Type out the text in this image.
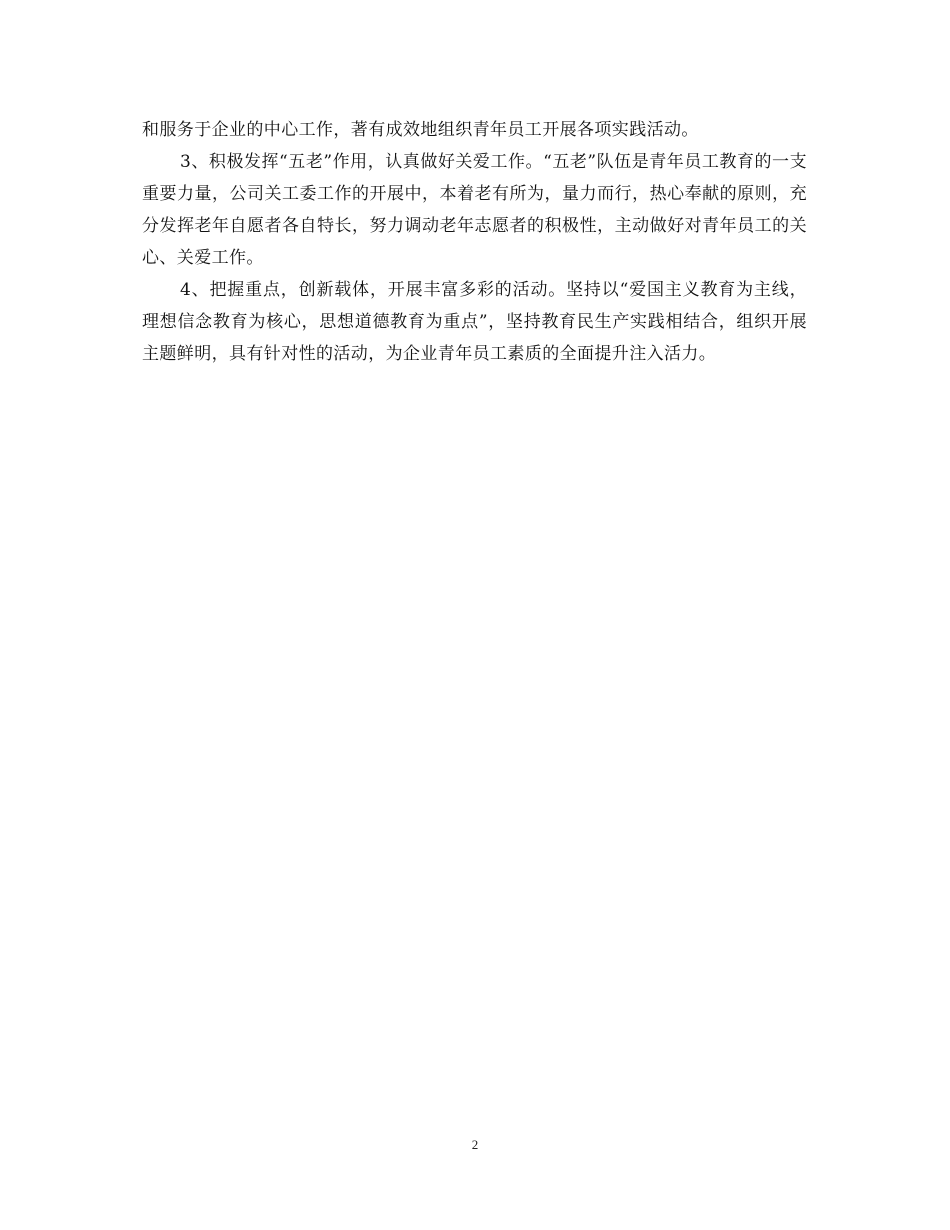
和服务于企业的中心工作，著有成效地组织青年员工开展各项实践活动。

3、积极发挥“五老”作用，认真做好关爱工作。“五老”队伍是青年员工教育的一支重要力量，公司关工委工作的开展中，本着老有所为，量力而行，热心奉献的原则，充分发挥老年自愿者各自特长，努力调动老年志愿者的积极性，主动做好对青年员工的关心、关爱工作。

4、把握重点，创新载体，开展丰富多彩的活动。坚持以“爱国主义教育为主线，理想信念教育为核心，思想道德教育为重点”，坚持教育民生产实践相结合，组织开展主题鲜明，具有针对性的活动，为企业青年员工素质的全面提升注入活力。

2
